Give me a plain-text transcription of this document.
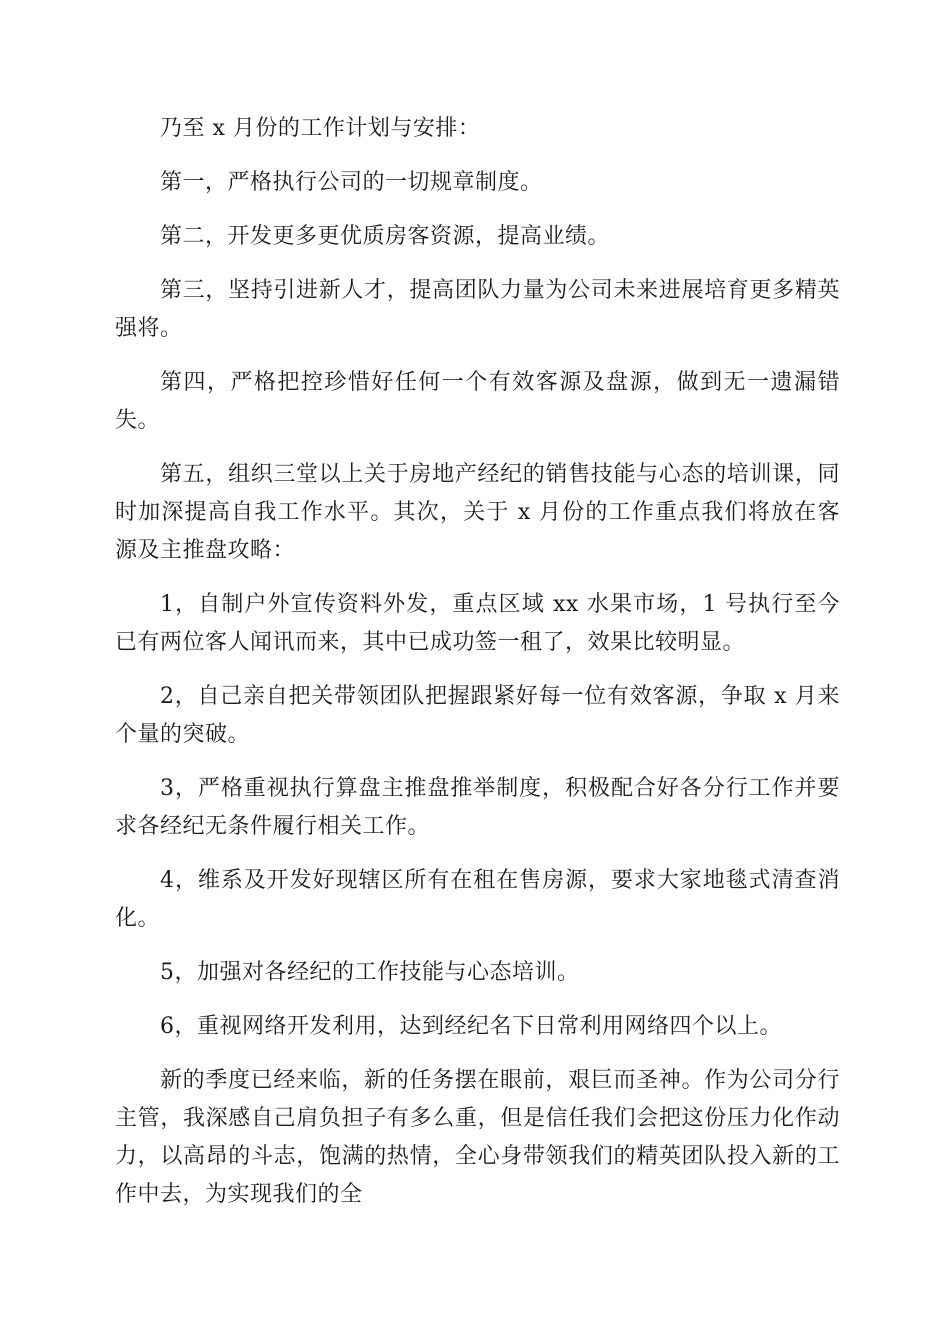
乃至 x 月份的工作计划与安排：

第一，严格执行公司的一切规章制度。

第二，开发更多更优质房客资源，提高业绩。

第三，坚持引进新人才，提高团队力量为公司未来进展培育更多精英强将。

第四，严格把控珍惜好任何一个有效客源及盘源，做到无一遗漏错失。

第五，组织三堂以上关于房地产经纪的销售技能与心态的培训课，同时加深提高自我工作水平。其次，关于 x 月份的工作重点我们将放在客源及主推盘攻略：

1，自制户外宣传资料外发，重点区域 xx 水果市场，1 号执行至今已有两位客人闻讯而来，其中已成功签一租了，效果比较明显。

2，自己亲自把关带领团队把握跟紧好每一位有效客源，争取 x 月来个量的突破。

3，严格重视执行算盘主推盘推举制度，积极配合好各分行工作并要求各经纪无条件履行相关工作。

4，维系及开发好现辖区所有在租在售房源，要求大家地毯式清查消化。

5，加强对各经纪的工作技能与心态培训。

6，重视网络开发利用，达到经纪名下日常利用网络四个以上。

新的季度已经来临，新的任务摆在眼前，艰巨而圣神。作为公司分行主管，我深感自己肩负担子有多么重，但是信任我们会把这份压力化作动力，以高昂的斗志，饱满的热情，全心身带领我们的精英团队投入新的工作中去，为实现我们的全
